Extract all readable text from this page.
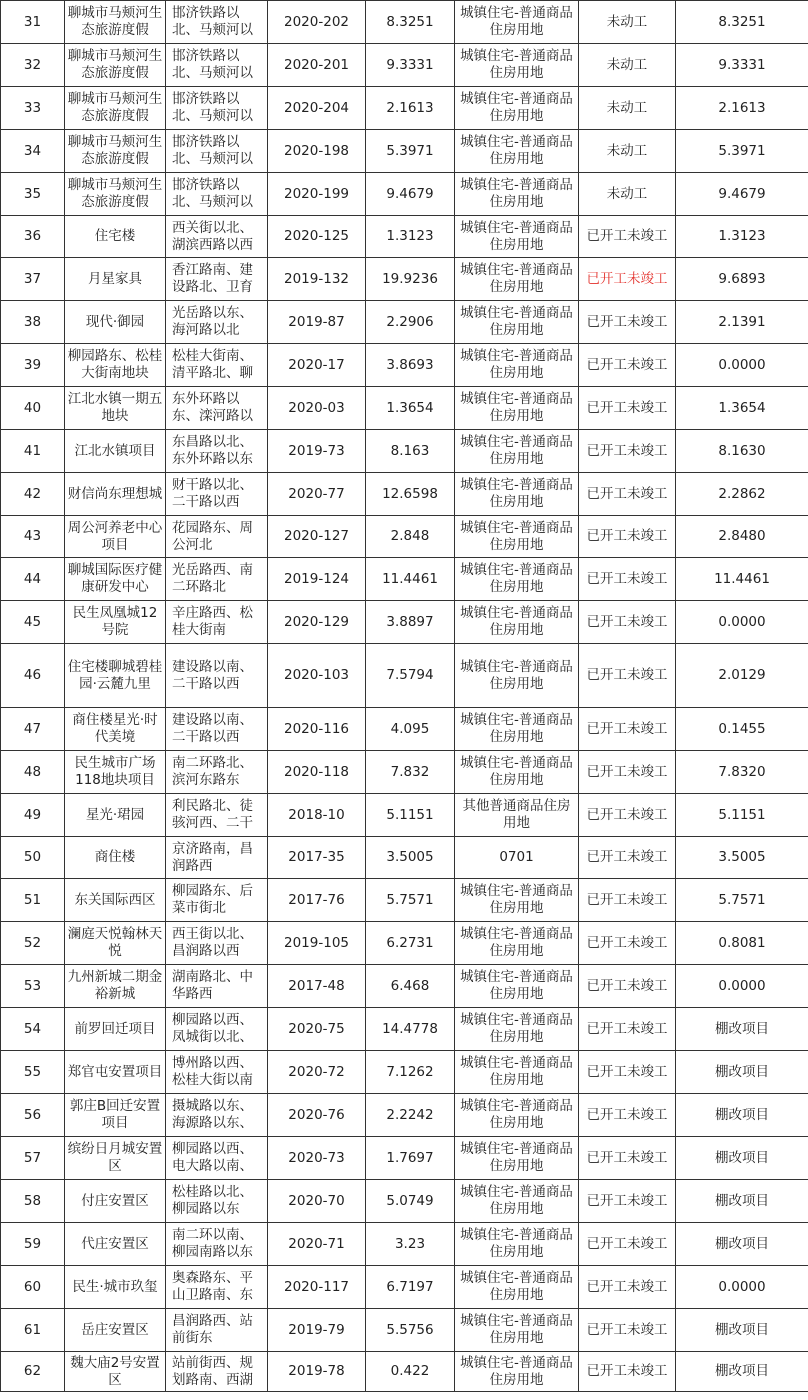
31	聊城市马颊河生态旅游度假	邯济铁路以北、马颊河以	2020-202	8.3251	城镇住宅-普通商品住房用地	未动工	8.3251

32	聊城市马颊河生态旅游度假	邯济铁路以北、马颊河以	2020-201	9.3331	城镇住宅-普通商品住房用地	未动工	9.3331

33	聊城市马颊河生态旅游度假	邯济铁路以北、马颊河以	2020-204	2.1613	城镇住宅-普通商品住房用地	未动工	2.1613

34	聊城市马颊河生态旅游度假	邯济铁路以北、马颊河以	2020-198	5.3971	城镇住宅-普通商品住房用地	未动工	5.3971

35	聊城市马颊河生态旅游度假	邯济铁路以北、马颊河以	2020-199	9.4679	城镇住宅-普通商品住房用地	未动工	9.4679

36	住宅楼	西关街以北、湖滨西路以西	2020-125	1.3123	城镇住宅-普通商品住房用地	已开工未竣工	1.3123

37	月星家具	香江路南、建设路北、卫育	2019-132	19.9236	城镇住宅-普通商品住房用地	已开工未竣工	9.6893

38	现代·御园	光岳路以东、海河路以北	2019-87	2.2906	城镇住宅-普通商品住房用地	已开工未竣工	2.1391

39	柳园路东、松桂大街南地块	松桂大街南、清平路北、聊	2020-17	3.8693	城镇住宅-普通商品住房用地	已开工未竣工	0.0000

40	江北水镇一期五地块	东外环路以东、滦河路以	2020-03	1.3654	城镇住宅-普通商品住房用地	已开工未竣工	1.3654

41	江北水镇项目	东昌路以北、东外环路以东	2019-73	8.163	城镇住宅-普通商品住房用地	已开工未竣工	8.1630

42	财信尚东理想城	财干路以北、二干路以西	2020-77	12.6598	城镇住宅-普通商品住房用地	已开工未竣工	2.2862

43	周公河养老中心项目	花园路东、周公河北	2020-127	2.848	城镇住宅-普通商品住房用地	已开工未竣工	2.8480

44	聊城国际医疗健康研发中心	光岳路西、南二环路北	2019-124	11.4461	城镇住宅-普通商品住房用地	已开工未竣工	11.4461

45	民生凤凰城12号院	辛庄路西、松桂大街南	2020-129	3.8897	城镇住宅-普通商品住房用地	已开工未竣工	0.0000

46	住宅楼聊城碧桂园·云麓九里	建设路以南、二干路以西	2020-103	7.5794	城镇住宅-普通商品住房用地	已开工未竣工	2.0129

47	商住楼星光·时代美境	建设路以南、二干路以西	2020-116	4.095	城镇住宅-普通商品住房用地	已开工未竣工	0.1455

48	民生城市广场118地块项目	南二环路北、滨河东路东	2020-118	7.832	城镇住宅-普通商品住房用地	已开工未竣工	7.8320

49	星光·珺园	利民路北、徒骇河西、二干	2018-10	5.1151	其他普通商品住房用地	已开工未竣工	5.1151

50	商住楼	京济路南，昌润路西	2017-35	3.5005	0701	已开工未竣工	3.5005

51	东关国际西区	柳园路东、后菜市街北	2017-76	5.7571	城镇住宅-普通商品住房用地	已开工未竣工	5.7571

52	澜庭天悦翰林天悦	西王街以北、昌润路以西	2019-105	6.2731	城镇住宅-普通商品住房用地	已开工未竣工	0.8081

53	九州新城二期金裕新城	湖南路北、中华路西	2017-48	6.468	城镇住宅-普通商品住房用地	已开工未竣工	0.0000

54	前罗回迁项目	柳园路以西、凤城街以北、	2020-75	14.4778	城镇住宅-普通商品住房用地	已开工未竣工	棚改项目

55	郑官屯安置项目	博州路以西、松桂大街以南	2020-72	7.1262	城镇住宅-普通商品住房用地	已开工未竣工	棚改项目

56	郭庄B回迁安置项目	摄城路以东、海源路以东、	2020-76	2.2242	城镇住宅-普通商品住房用地	已开工未竣工	棚改项目

57	缤纷日月城安置区	柳园路以西、电大路以南、	2020-73	1.7697	城镇住宅-普通商品住房用地	已开工未竣工	棚改项目

58	付庄安置区	松桂路以北、柳园路以东	2020-70	5.0749	城镇住宅-普通商品住房用地	已开工未竣工	棚改项目

59	代庄安置区	南二环以南、柳园南路以东	2020-71	3.23	城镇住宅-普通商品住房用地	已开工未竣工	棚改项目

60	民生·城市玖玺	奥森路东、平山卫路南、东	2020-117	6.7197	城镇住宅-普通商品住房用地	已开工未竣工	0.0000

61	岳庄安置区	昌润路西、站前街东	2019-79	5.5756	城镇住宅-普通商品住房用地	已开工未竣工	棚改项目

62	魏大庙2号安置区	站前街西、规划路南、西湖	2019-78	0.422	城镇住宅-普通商品住房用地	已开工未竣工	棚改项目
